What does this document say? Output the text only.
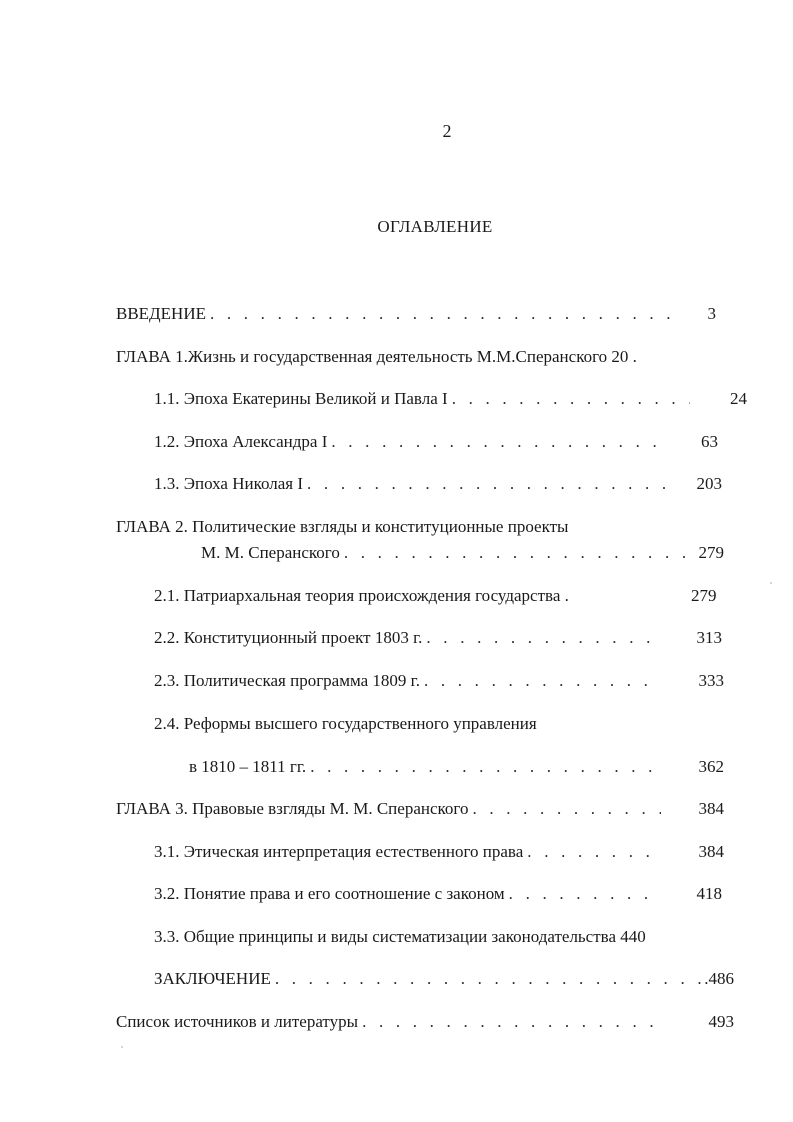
2
ОГЛАВЛЕНИЕ
ВВЕДЕНИЕ . . .	3
ГЛАВА 1.Жизнь и государственная деятельность М.М.Сперанского 20 .
1.1. Эпоха Екатерины Великой и Павла I . . .	24
1.2. Эпоха Александра I . . .	63
1.3. Эпоха Николая I . . .	203
ГЛАВА 2. Политические взгляды и конституционные проекты
М. М. Сперанского . . .	279
2.1. Патриархальная теория происхождения государства .	279
2.2. Конституционный проект 1803 г. . . .	313
2.3. Политическая программа 1809 г. . . .	333
2.4. Реформы высшего государственного управления
в 1810 – 1811 гг. . . .	362
ГЛАВА 3. Правовые взгляды М. М. Сперанского . . .	384
3.1. Этическая интерпретация естественного права . . .	384
3.2. Понятие права и его соотношение с законом . . .	418
3.3. Общие принципы и виды систематизации законодательства 440
ЗАКЛЮЧЕНИЕ . . .	.486
Список источников и литературы . . .	493
